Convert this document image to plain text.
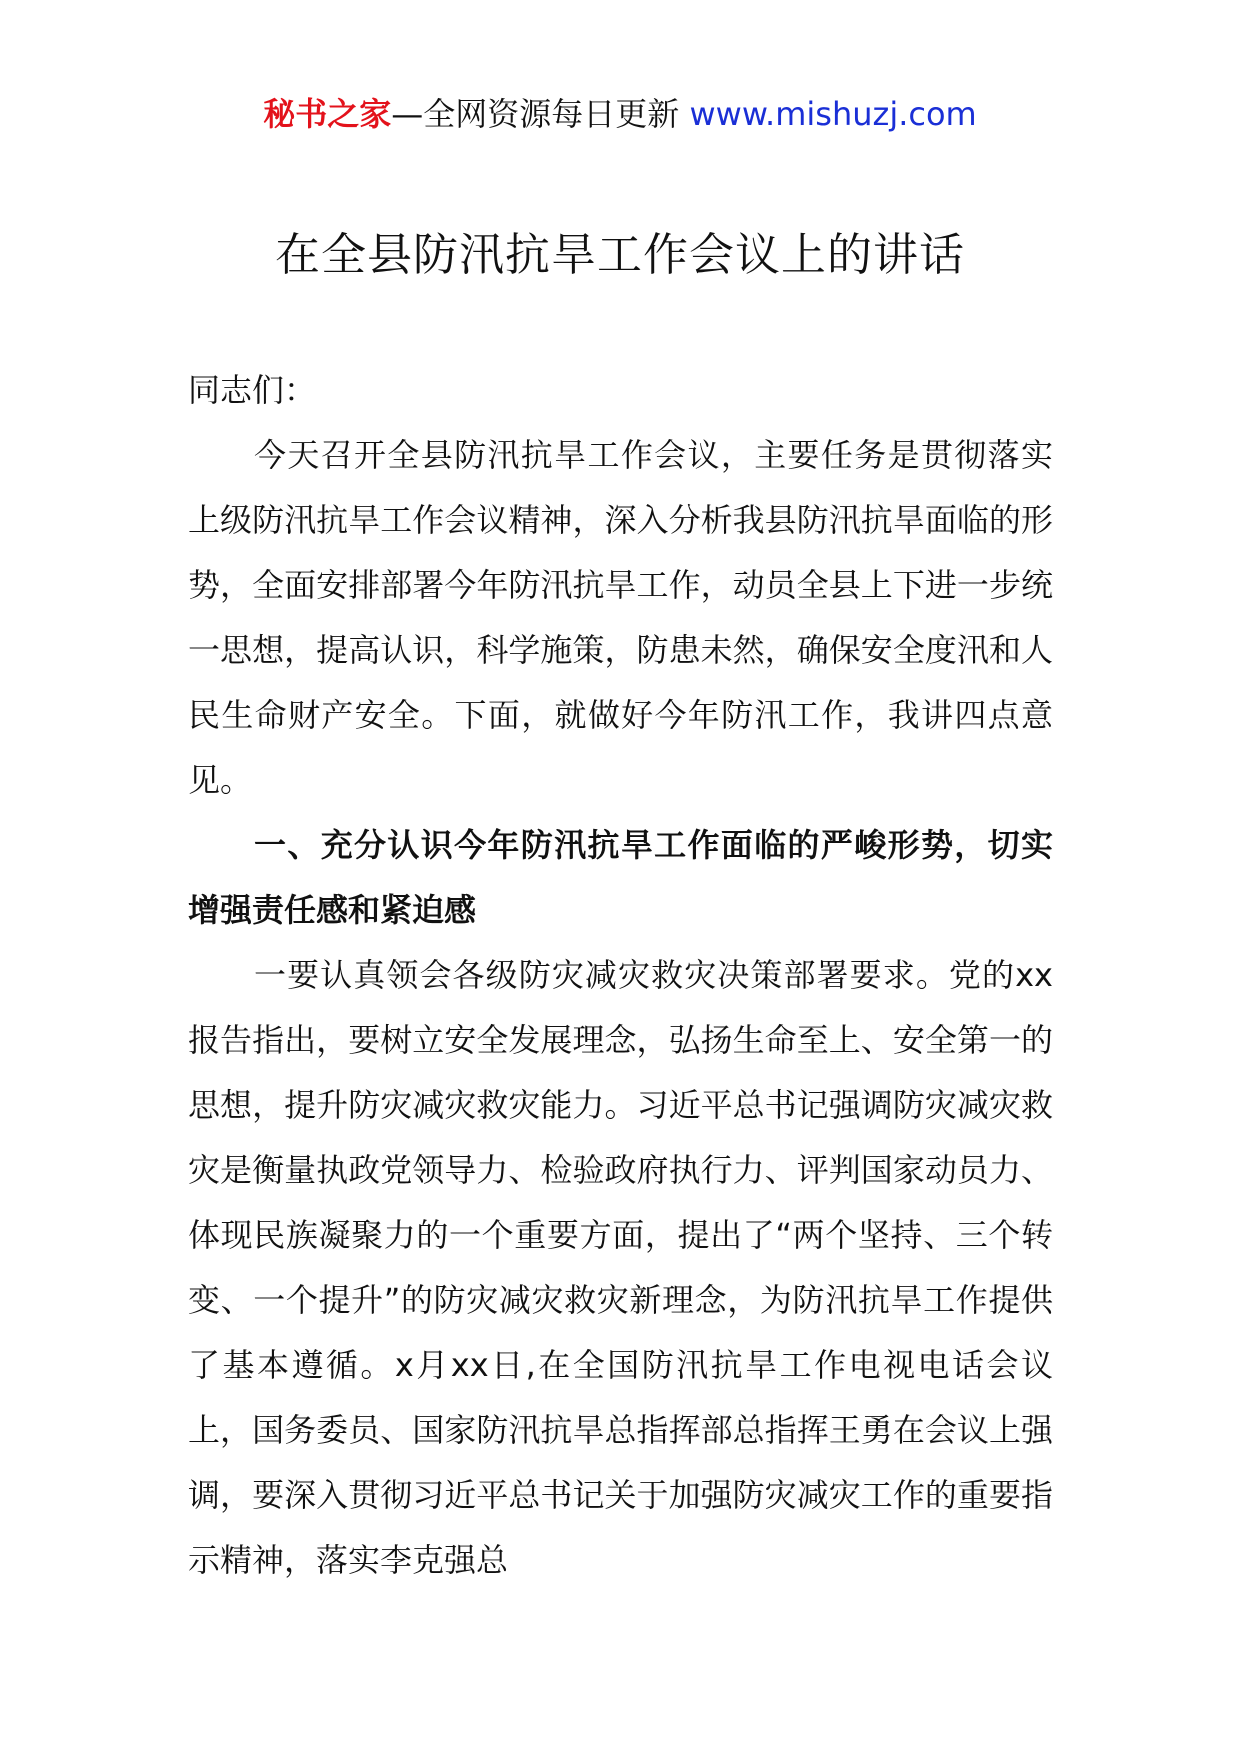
秘书之家—全网资源每日更新 www.mishuzj.com
在全县防汛抗旱工作会议上的讲话

同志们：

今天召开全县防汛抗旱工作会议，主要任务是贯彻落实上级防汛抗旱工作会议精神，深入分析我县防汛抗旱面临的形势，全面安排部署今年防汛抗旱工作，动员全县上下进一步统一思想，提高认识，科学施策，防患未然，确保安全度汛和人民生命财产安全。下面，就做好今年防汛工作，我讲四点意见。

一、充分认识今年防汛抗旱工作面临的严峻形势，切实增强责任感和紧迫感

一要认真领会各级防灾减灾救灾决策部署要求。党的xx报告指出，要树立安全发展理念，弘扬生命至上、安全第一的思想，提升防灾减灾救灾能力。习近平总书记强调防灾减灾救灾是衡量执政党领导力、检验政府执行力、评判国家动员力、体现民族凝聚力的一个重要方面，提出了“两个坚持、三个转变、一个提升”的防灾减灾救灾新理念，为防汛抗旱工作提供了基本遵循。x月xx日,在全国防汛抗旱工作电视电话会议上，国务委员、国家防汛抗旱总指挥部总指挥王勇在会议上强调，要深入贯彻习近平总书记关于加强防灾减灾工作的重要指示精神，落实李克强总
